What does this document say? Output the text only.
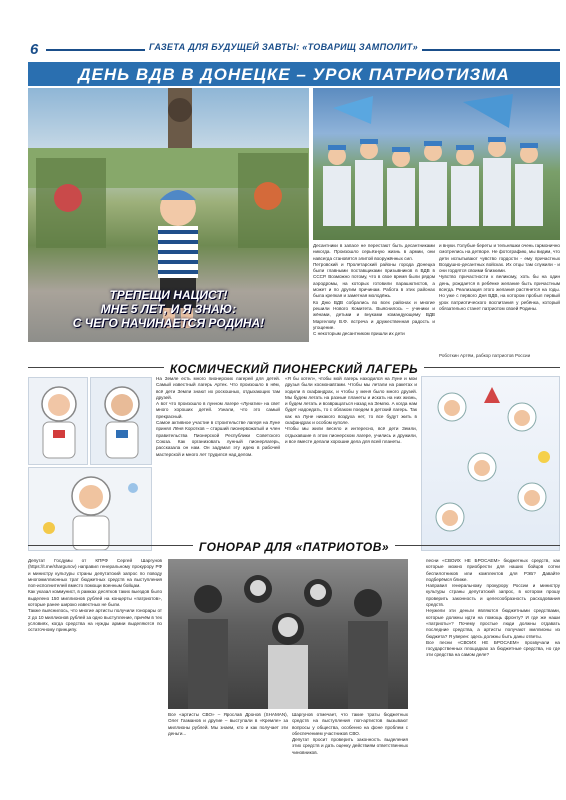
6	ГАЗЕТА ДЛЯ БУДУЩЕЙ ЗАВТЫ: «ТОВАРИЩ ЗАМПОЛИТ»
ДЕНЬ ВДВ В ДОНЕЦКЕ – УРОК ПАТРИОТИЗМА
ТРЕПЕЩИ НАЦИСТ!
МНЕ 5 ЛЕТ, И Я ЗНАЮ:
С ЧЕГО НАЧИНАЕТСЯ РОДИНА!

Десантники в запасе не перестают быть десантниками никогда. Произошло серьёзную жизнь в армии, они навсегда становятся элитой вооружённых сил.

Петровский и Пролетарский районы города Донецка были главными поставщиками призывников в ВДВ в СССР. Возможно потому, что в свое время были рядом аэродромы, на которых готовили парашютистов, а может и по другим причинам. Работа в этих районах была крепкая и заметная молодёжь.

Ко Дню ВДВ собрались во всех районах и многие решили Нового Комитета. Выяснилось – ученики и жёнами, детьми и внуками командующему ВДВ Маргелову В.Ф. встреча и дружественная радость и угощение.

С некоторым десантником пришли их дети

и внуки. Голубые береты и тельняшки очень гармонично смотрелись на детворе. Не фотографию, мы видим, что дети испытывают чувство гордости - ему причастных Воздушно-десантных войсках. Их отцы там служили - и они гордятся своими близкими.

Чувство причастности к великому, хоть бы на один день, рождается в ребёнке желание быть причастным всегда. Реализация этого желания растянется на годы. Но уже с первого Дня ВДВ, на котором пробыл первый урок патриотического воспитания у ребёнка, который обязательно станет патриотом своей Родины.

Роботкин Артём, рабкор патриотов России
КОСМИЧЕСКИЙ ПИОНЕРСКИЙ ЛАГЕРЬ

На Земле есть много пионерских лагерей для детей. Самый известный лагерь Артек. Что произошло в нём, всё дети Земли знают их роскошных, отдыхающих там друзей.

А вот что произошло в лунном лагере «Лунатик» на свет много хороших детей. Узнали, что это самый прекрасный.

Самое активное участие в строительстве лагеря на Луне принял Лёня Коротков – старший пионервожатый и член правительства Пионерской Республики Советского Союза. Как организовать лунный пионерлагерь, рассказала он нам. Он задумал эту идею в рабочей мастерской и много лет трудился над делом.

«Я бы хотел», чтобы мой лагерь находился на Луне и мои друзья были космонавтами. Чтобы мы летали на ракетах и ходили в скафандрах, и чтобы у меня было много друзей. Мы будем летать на разные планеты и искать на них жизнь, и будем летать и возвращаться назад на Землю. А когда нам будет надоедать, то с облаком поедем в детский лагерь. Так как на Луне никакого воздуха нет, то все будут жить в скафандрах и особом куполе.

Чтобы мы жили весело и интересно, всё дети Земли, отдыхавшие в этом пионерском лагере, учились и дружили, и все вместе делали хорошие дела для всей планеты.

ГОНОРАР ДЛЯ «ПАТРИОТОВ»

Депутат Госдумы от КПРФ Сергей Шаргунов (https://t.me/shargunov) направил генеральному прокурору РФ и министру культуры страны депутатский запрос по поводу многомиллионных трат бюджетных средств на выступления поп-исполнителей вместо помощи военным бойцам.

Как указал коммунист, в рамках десятков таких выездов было выделено 150 миллионов рублей на концерты «патриотов», которые ранее широко известных не были.

Также выяснилось, что многие артисты получили гонорары от 2 до 10 миллионов рублей за одно выступление, причём в тех условиях, когда средства на нужды армии выделяются по остаточному принципу.

Все «артисты СВО» – Ярослав Дронов (SHAMAN), Олег Газманов и другие – выступали в «Кремле» за миллионы рублей. Мы знаем, кто и как получает эти деньги...

Шаргунов отмечает, что такие траты бюджетных средств на выступления поп-артистов вызывают вопросы у общества, особенно на фоне проблем с обеспечением участников СВО.

Депутат просит проверить законность выделения этих средств и дать оценку действиям ответственных чиновников.

песни «СВОИХ НЕ БРОСАЕМ» бюджетных средств, как которые можно приобрести для наших бойцов сотни беспилотников или комплектов для РЭБ? Давайте подберёмся ближе.

Направил генеральному прокурору России и министру культуры страны депутатский запрос, в котором прошу проверить законность и целесообразность расходования средств.

Неужели эти деньги являются бюджетными средствами, которые должны идти на помощь фронту? И где же наши «патриоты»? Почему простые люди должны отдавать последние средства, а артисты получают миллионы из бюджета? Я уверен: здесь должны быть даны ответы.

Все песни «СВОИХ НЕ БРОСАЕМ» прозвучали на государственных площадках за бюджетные средства, но где эти средства на самом деле?
